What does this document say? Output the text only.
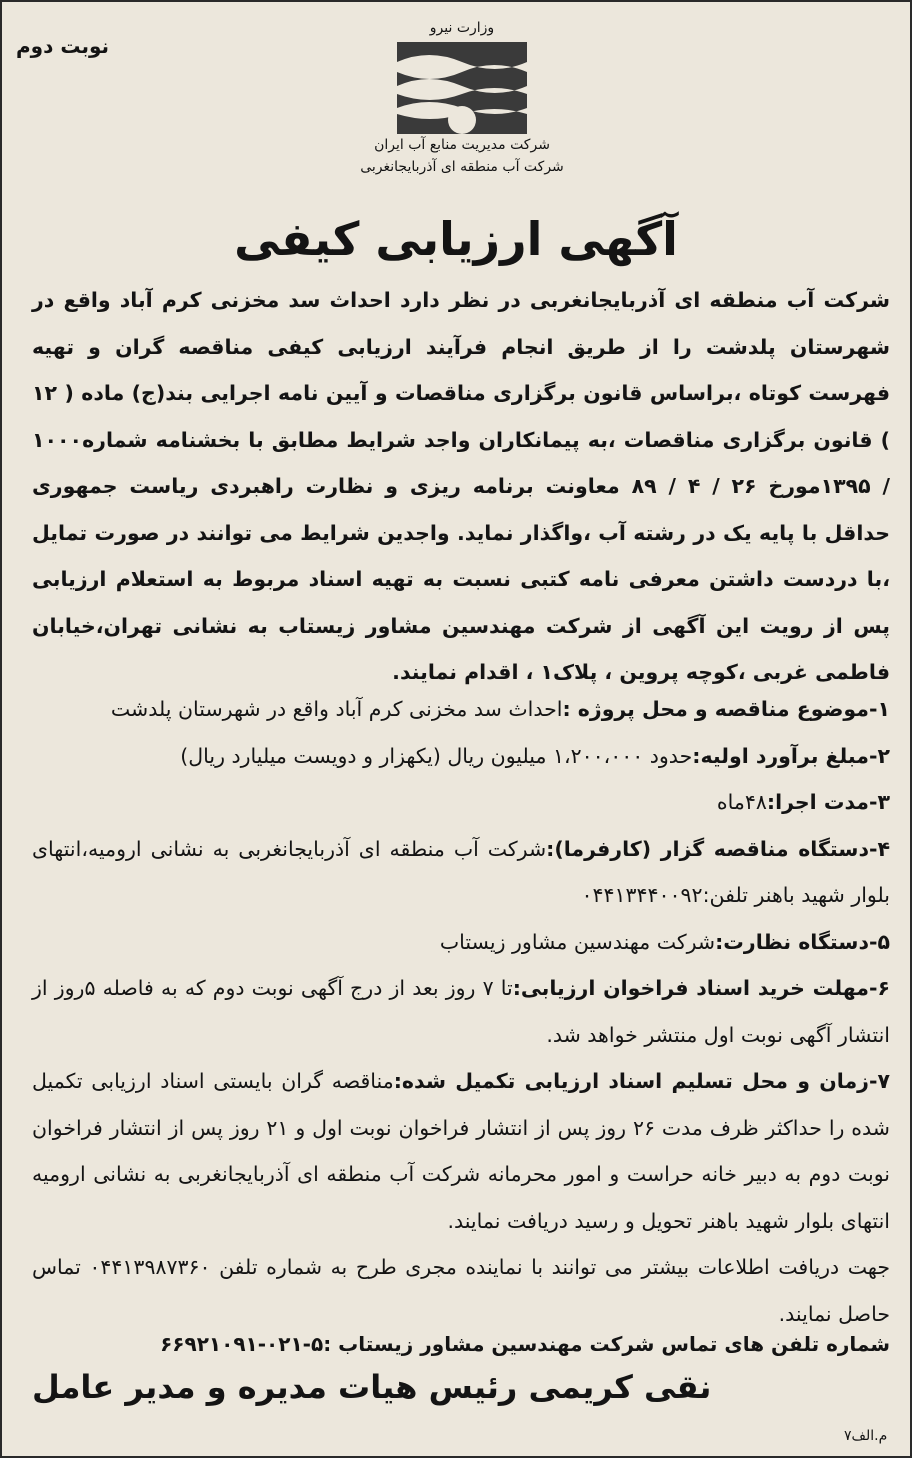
نوبت دوم
وزارت نیرو
شرکت مدیریت منابع آب ایران
شرکت آب منطقه ای آذربایجانغربی
آگهی ارزیابی کیفی
شرکت آب منطقه ای آذربایجانغربی در نظر دارد احداث سد مخزنی کرم آباد واقع در شهرستان پلدشت را از طریق انجام فرآیند ارزیابی کیفی مناقصه گران و تهیه فهرست کوتاه ،براساس قانون برگزاری مناقصات و آیین نامه اجرایی بند(ج) ماده ( ۱۲ ) قانون برگزاری مناقصات ،به پیمانکاران واجد شرایط مطابق با بخشنامه شماره۱۰۰۰ / ۱۳۹۵مورخ ۲۶ / ۴ / ۸۹ معاونت برنامه ریزی و نظارت راهبردی ریاست جمهوری حداقل با پایه یک در رشته آب ،واگذار نماید. واجدین شرایط می توانند در صورت تمایل ،با دردست داشتن معرفی نامه کتبی نسبت به تهیه اسناد مربوط به استعلام ارزیابی پس از رویت این آگهی از شرکت مهندسین مشاور زیستاب به نشانی تهران،خیابان فاطمی غربی ،کوچه پروین ، پلاک۱ ، اقدام نمایند.
۱-موضوع مناقصه و محل پروژه :احداث سد مخزنی کرم آباد واقع در شهرستان پلدشت
۲-مبلغ برآورد اولیه:حدود ۱،۲۰۰،۰۰۰ میلیون ریال (یکهزار و دویست میلیارد ریال)
۳-مدت اجرا:۴۸ماه
۴-دستگاه مناقصه گزار (کارفرما):شرکت آب منطقه ای آذربایجانغربی به نشانی ارومیه،انتهای بلوار شهید باهنر تلفن:۰۴۴۱۳۴۴۰۰۹۲
۵-دستگاه نظارت:شرکت مهندسین مشاور زیستاب
۶-مهلت خرید اسناد فراخوان ارزیابی:تا ۷ روز بعد از درج آگهی نوبت دوم که به فاصله ۵روز از انتشار آگهی نوبت اول منتشر خواهد شد.
۷-زمان و محل تسلیم اسناد ارزیابی تکمیل شده:مناقصه گران بایستی اسناد ارزیابی تکمیل شده را حداکثر ظرف مدت ۲۶ روز پس از انتشار فراخوان نوبت اول و ۲۱ روز پس از انتشار فراخوان نوبت دوم به دبیر خانه حراست و امور محرمانه شرکت آب منطقه ای آذربایجانغربی به نشانی ارومیه انتهای بلوار شهید باهنر تحویل و رسید دریافت نمایند.
جهت دریافت اطلاعات بیشتر می توانند با نماینده مجری طرح به شماره تلفن ۰۴۴۱۳۹۸۷۳۶۰ تماس حاصل نمایند.
شماره تلفن های تماس شرکت مهندسین مشاور زیستاب :۵-۰۲۱-۶۶۹۲۱۰۹۱
نقی کریمی رئیس هیات مدیره و مدیر عامل
م.الف۷
